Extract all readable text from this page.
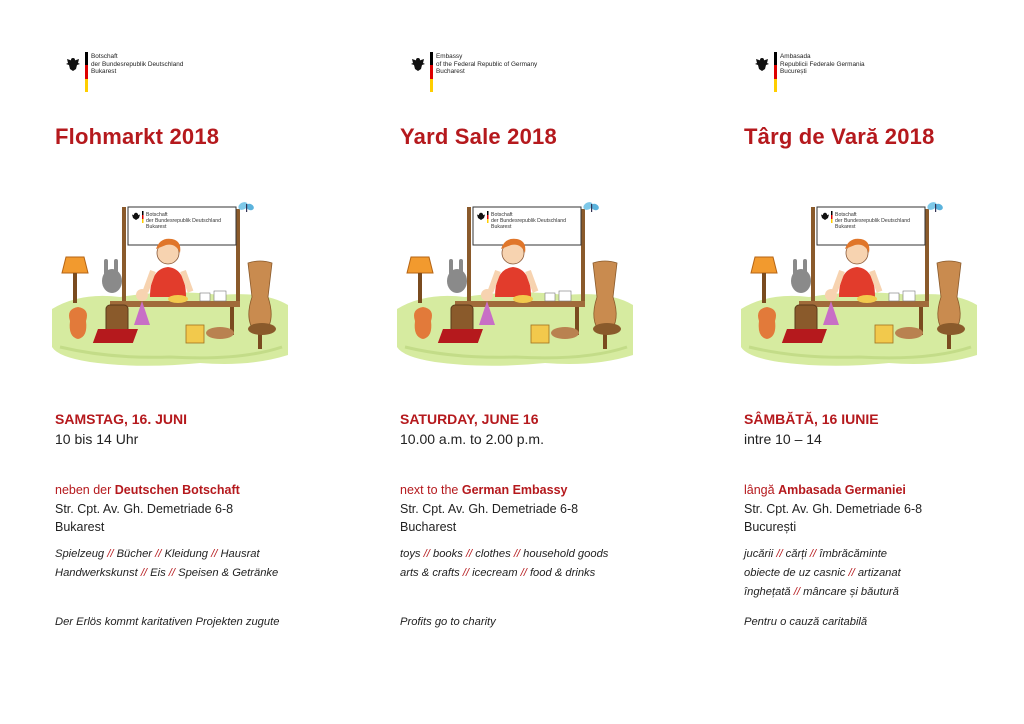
Botschaft
der Bundesrepublik Deutschland
Bukarest
Flohmarkt 2018
Botschaft
der Bundesrepublik Deutschland
Bukarest
SAMSTAG, 16. JUNI
10 bis 14 Uhr
neben der Deutschen Botschaft
Str. Cpt. Av. Gh. Demetriade 6-8
Bukarest
Spielzeug // Bücher // Kleidung // Hausrat
Handwerkskunst // Eis // Speisen & Getränke
Der Erlös kommt karitativen Projekten zugute
Embassy
of the Federal Republic of Germany
Bucharest
Yard Sale 2018
Botschaft
der Bundesrepublik Deutschland
Bukarest
SATURDAY, JUNE 16
10.00 a.m. to 2.00 p.m.
next to the German Embassy
Str. Cpt. Av. Gh. Demetriade 6-8
Bucharest
toys // books // clothes // household goods
arts & crafts // icecream // food & drinks
Profits go to charity
Ambasada
Republicii Federale Germania
București
Târg de Vară 2018
Botschaft
der Bundesrepublik Deutschland
Bukarest
SÂMBĂTĂ, 16 IUNIE
intre 10 – 14
lângă Ambasada Germaniei
Str. Cpt. Av. Gh. Demetriade 6-8
București
jucării // cărți // îmbrăcăminte
obiecte de uz casnic // artizanat
înghețată // mâncare și băutură
Pentru o cauză caritabilă
